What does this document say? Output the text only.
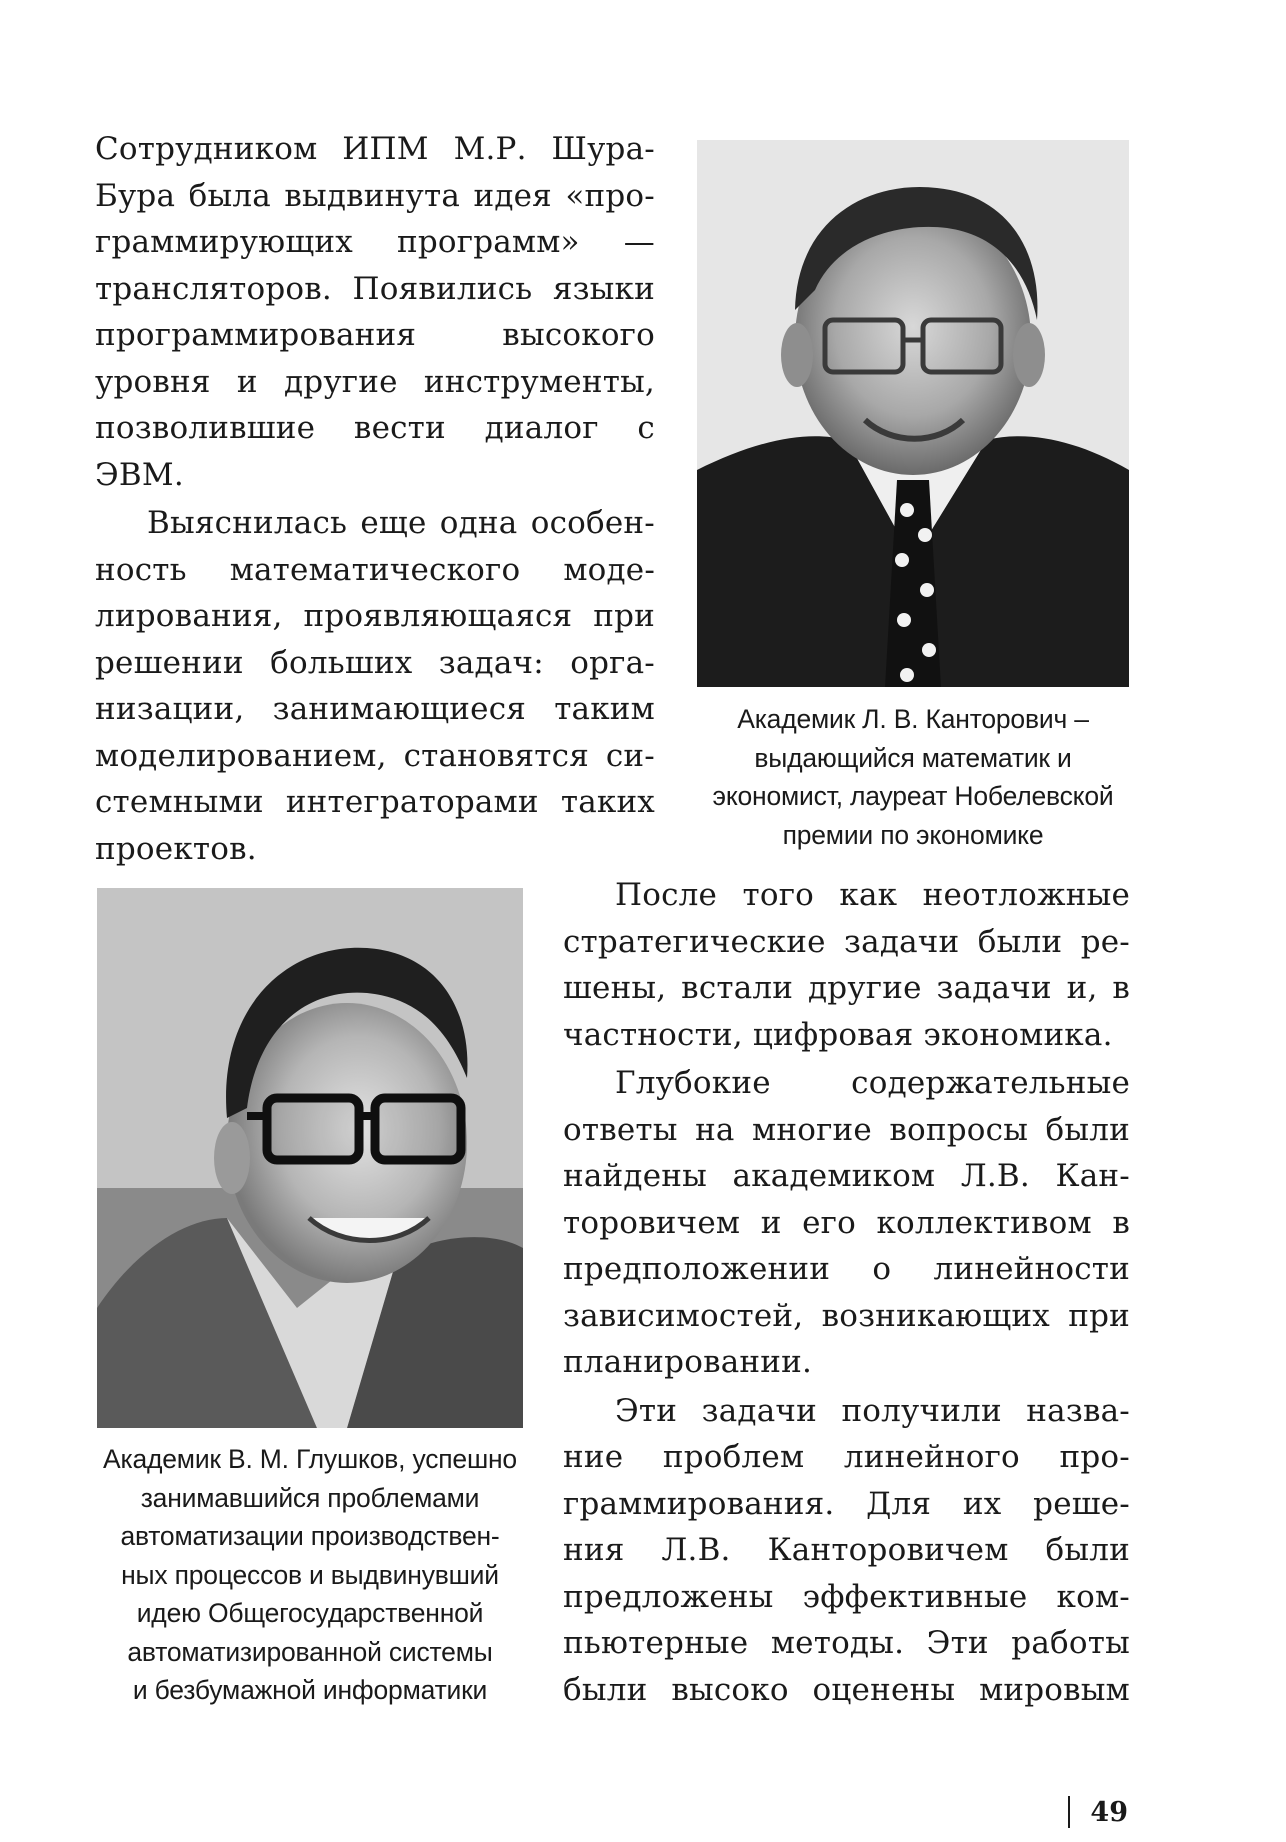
Сотрудником ИПМ М.Р. Шура-
Бура была выдвинута идея «про-
граммирующих программ» —
трансляторов. Появились языки
программирования	высокого
уровня и другие инструменты,
позволившие вести диалог с
ЭВМ.
Выяснилась еще одна особен-
ность математического моде-
лирования, проявляющаяся при
решении больших задач: орга-
низации, занимающиеся таким
моделированием, становятся си-
стемными интеграторами таких
проектов.
Академик Л. В. Канторович –
выдающийся математик и
экономист, лауреат Нобелевской
премии по экономике
Академик В. М. Глушков, успешно
занимавшийся проблемами
автоматизации производствен-
ных процессов и выдвинувший
идею Общегосударственной
автоматизированной системы
и безбумажной информатики
После того как неотложные
стратегические задачи были ре-
шены, встали другие задачи и, в
частности, цифровая экономика.
Глубокие	содержательные
ответы на многие вопросы были
найдены академиком Л.В. Кан-
торовичем и его коллективом в
предположении о линейности
зависимостей, возникающих при
планировании.
Эти задачи получили назва-
ние проблем линейного про-
граммирования. Для их реше-
ния Л.В. Канторовичем были
предложены эффективные ком-
пьютерные методы. Эти работы
были высоко оценены мировым
49
